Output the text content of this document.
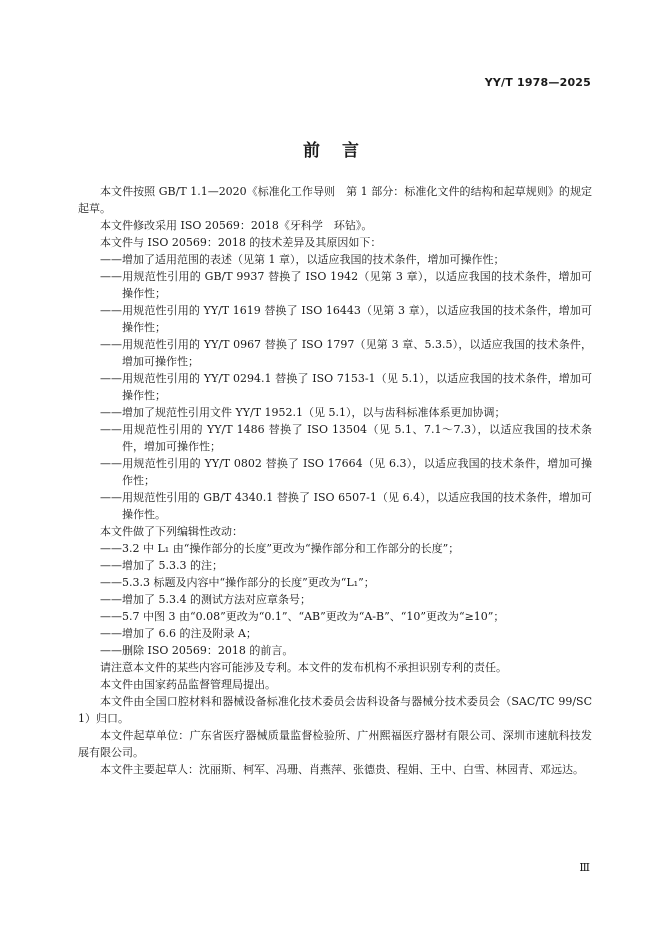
YY/T 1978—2025
前言

本文件按照 GB/T 1.1—2020《标准化工作导则　第 1 部分：标准化文件的结构和起草规则》的规定起草。

本文件修改采用 ISO 20569：2018《牙科学　环钻》。

本文件与 ISO 20569：2018 的技术差异及其原因如下：

——增加了适用范围的表述（见第 1 章），以适应我国的技术条件，增加可操作性；

——用规范性引用的 GB/T 9937 替换了 ISO 1942（见第 3 章），以适应我国的技术条件，增加可操作性；

——用规范性引用的 YY/T 1619 替换了 ISO 16443（见第 3 章），以适应我国的技术条件，增加可操作性；

——用规范性引用的 YY/T 0967 替换了 ISO 1797（见第 3 章、5.3.5），以适应我国的技术条件，增加可操作性；

——用规范性引用的 YY/T 0294.1 替换了 ISO 7153-1（见 5.1），以适应我国的技术条件，增加可操作性；

——增加了规范性引用文件 YY/T 1952.1（见 5.1），以与齿科标准体系更加协调；

——用规范性引用的 YY/T 1486 替换了 ISO 13504（见 5.1、7.1～7.3），以适应我国的技术条件，增加可操作性；

——用规范性引用的 YY/T 0802 替换了 ISO 17664（见 6.3），以适应我国的技术条件，增加可操作性；

——用规范性引用的 GB/T 4340.1 替换了 ISO 6507-1（见 6.4），以适应我国的技术条件，增加可操作性。

本文件做了下列编辑性改动：

——3.2 中 L₁ 由“操作部分的长度”更改为“操作部分和工作部分的长度”；

——增加了 5.3.3 的注；

——5.3.3 标题及内容中“操作部分的长度”更改为“L₁”；

——增加了 5.3.4 的测试方法对应章条号；

——5.7 中图 3 由“0.08”更改为“0.1”、“AB”更改为“A-B”、“10”更改为“≥10”；

——增加了 6.6 的注及附录 A；

——删除 ISO 20569：2018 的前言。

请注意本文件的某些内容可能涉及专利。本文件的发布机构不承担识别专利的责任。

本文件由国家药品监督管理局提出。

本文件由全国口腔材料和器械设备标准化技术委员会齿科设备与器械分技术委员会（SAC/TC 99/SC 1）归口。

本文件起草单位：广东省医疗器械质量监督检验所、广州熙福医疗器材有限公司、深圳市速航科技发展有限公司。

本文件主要起草人：沈丽斯、柯军、冯珊、肖燕萍、张德贵、程娟、王中、白雪、林园青、邓远达。

Ⅲ
